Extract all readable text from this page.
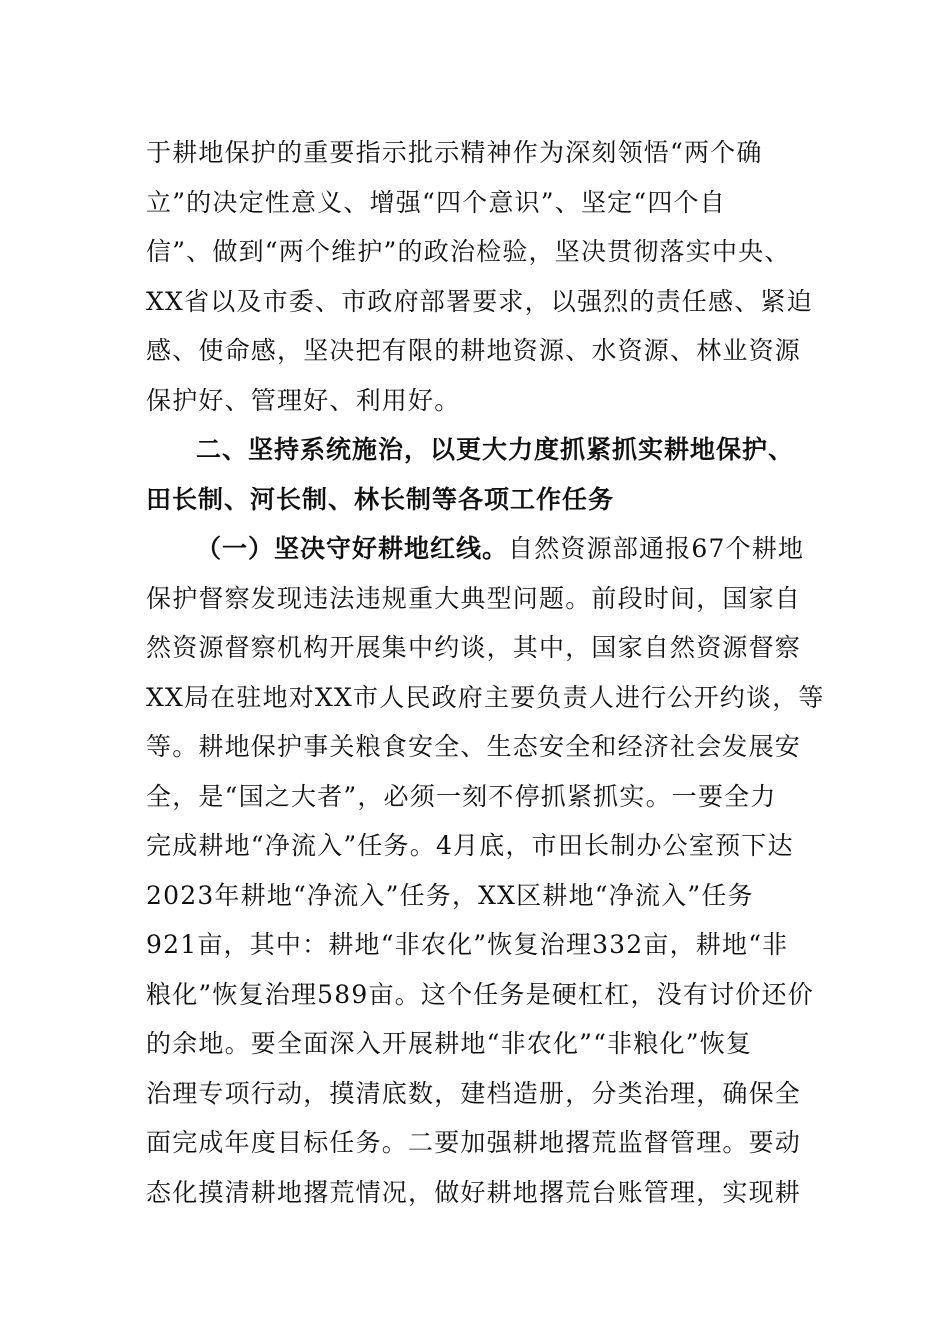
于耕地保护的重要指示批示精神作为深刻领悟“两个确
立”的决定性意义、增强“四个意识”、坚定“四个自
信”、做到“两个维护”的政治检验，坚决贯彻落实中央、
XX省以及市委、市政府部署要求，以强烈的责任感、紧迫
感、使命感，坚决把有限的耕地资源、水资源、林业资源
保护好、管理好、利用好。
二、坚持系统施治，以更大力度抓紧抓实耕地保护、
田长制、河长制、林长制等各项工作任务
（一）坚决守好耕地红线。自然资源部通报67个耕地
保护督察发现违法违规重大典型问题。前段时间，国家自
然资源督察机构开展集中约谈，其中，国家自然资源督察
XX局在驻地对XX市人民政府主要负责人进行公开约谈，等
等。耕地保护事关粮食安全、生态安全和经济社会发展安
全，是“国之大者”，必须一刻不停抓紧抓实。一要全力
完成耕地“净流入”任务。4月底，市田长制办公室预下达
2023年耕地“净流入”任务，XX区耕地“净流入”任务
921亩，其中：耕地“非农化”恢复治理332亩，耕地“非
粮化”恢复治理589亩。这个任务是硬杠杠，没有讨价还价
的余地。要全面深入开展耕地“非农化”“非粮化”恢复
治理专项行动，摸清底数，建档造册，分类治理，确保全
面完成年度目标任务。二要加强耕地撂荒监督管理。要动
态化摸清耕地撂荒情况，做好耕地撂荒台账管理，实现耕
